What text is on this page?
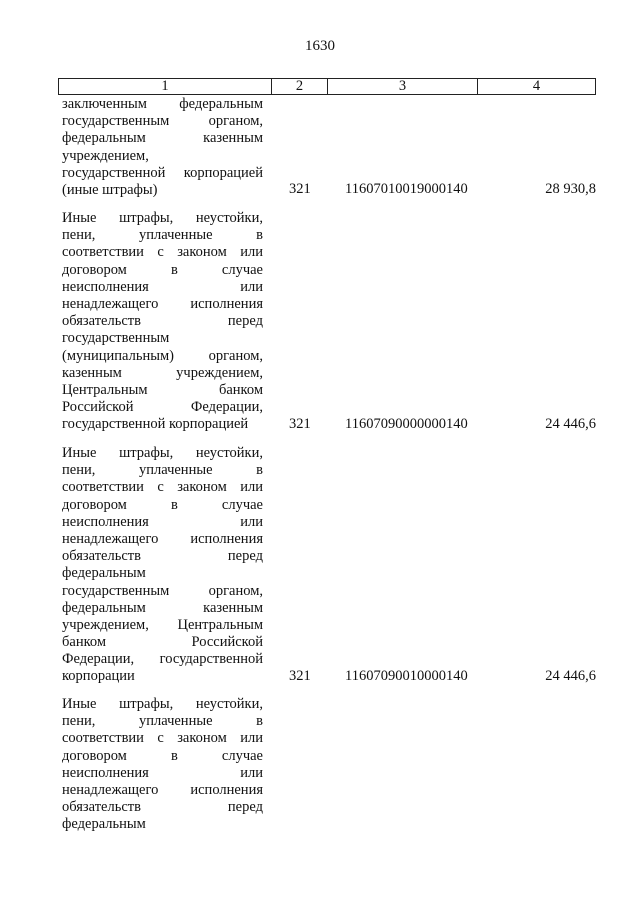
1630
1	2	3	4
заключенным федеральным
государственным органом,
федеральным казенным
учреждением,
государственной корпорацией
(иные штрафы)	321 11607010019000140	28 930,8
Иные штрафы, неустойки,
пени, уплаченные в
соответствии с законом или
договором в случае
неисполнения или
ненадлежащего исполнения
обязательств перед
государственным
(муниципальным) органом,
казенным учреждением,
Центральным банком
Российской Федерации,
государственной корпорацией	321 11607090000000140	24 446,6
Иные штрафы, неустойки,
пени, уплаченные в
соответствии с законом или
договором в случае
неисполнения или
ненадлежащего исполнения
обязательств перед
федеральным
государственным органом,
федеральным казенным
учреждением, Центральным
банком Российской
Федерации, государственной
корпорации	321 11607090010000140	24 446,6
Иные штрафы, неустойки,
пени, уплаченные в
соответствии с законом или
договором в случае
неисполнения или
ненадлежащего исполнения
обязательств перед
федеральным
